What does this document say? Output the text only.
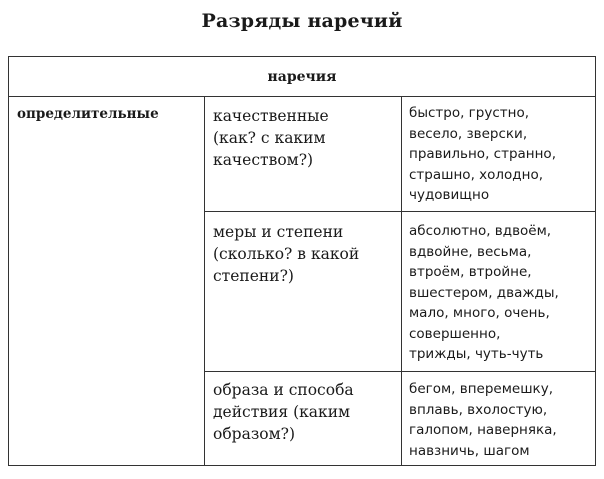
Разряды наречий
наречия
определительные	качественные
(как? с каким
качеством?)
быстро, грустно,
весело, зверски,
правильно, странно,
страшно, холодно,
чудовищно
меры и степени
(сколько? в какой
степени?)
абсолютно, вдвоём,
вдвойне, весьма,
втроём, втройне,
вшестером, дважды,
мало, много, очень,
совершенно,
трижды, чуть-чуть
образа и способа
действия (каким
образом?)
бегом, вперемешку,
вплавь, вхолостую,
галопом, наверняка,
навзничь, шагом
